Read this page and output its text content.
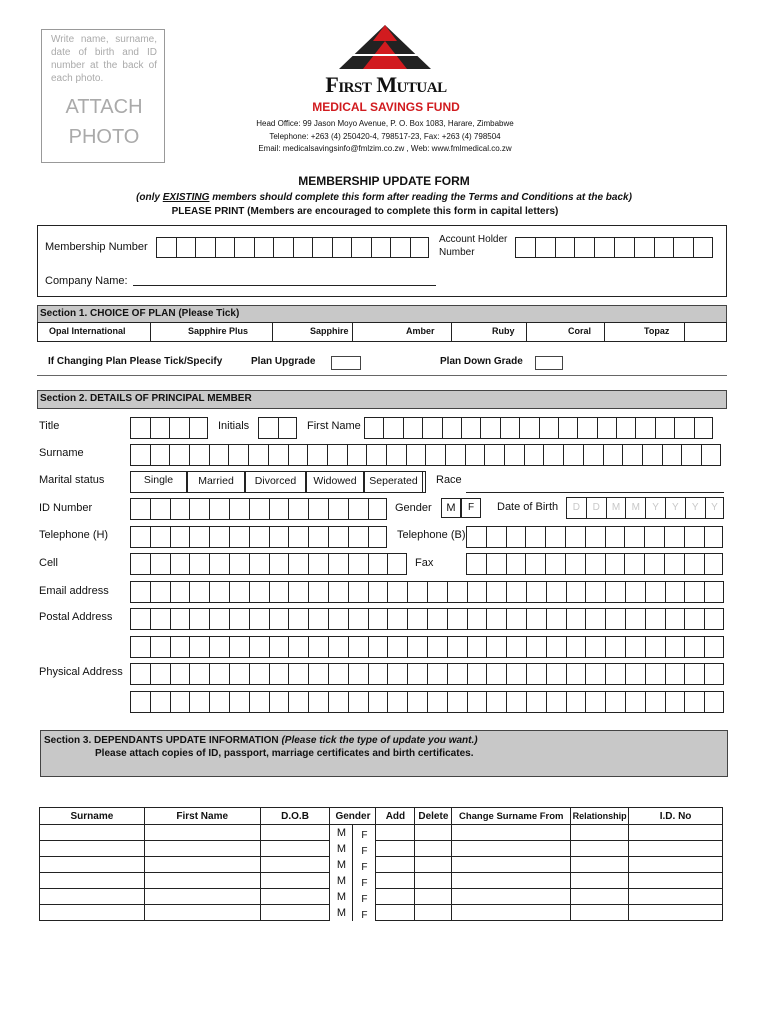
Write name, surname, date of birth and ID number at the back of each photo.
ATTACH
PHOTO
First Mutual
MEDICAL SAVINGS FUND
Head Office: 99 Jason Moyo Avenue, P. O. Box 1083, Harare, Zimbabwe
Telephone: +263 (4) 250420-4, 798517-23, Fax: +263 (4) 798504
Email: medicalsavingsinfo@fmlzim.co.zw , Web: www.fmlmedical.co.zw
MEMBERSHIP UPDATE FORM
(only EXISTING members should complete this form after reading the Terms and Conditions at the back)
PLEASE PRINT (Members are encouraged to complete this form in capital letters)
Membership Number
Account Holder
Number
Company Name:
Section 1. CHOICE OF PLAN (Please Tick)
Opal International	Sapphire Plus	Sapphire	Amber	Ruby	Coral	Topaz
If Changing Plan Please Tick/Specify	Plan Upgrade	Plan Down Grade
Section 2. DETAILS OF PRINCIPAL MEMBER
Title	Initials	First Name
Surname
Marital status	Single	Married	Divorced	Widowed	Seperated	Race
ID Number	Gender	M	F	Date of Birth	D	D	M	M	Y	Y	Y	Y
Telephone (H)	Telephone (B)
Cell	Fax
Email address
Postal Address
Physical Address
Section 3. DEPENDANTS UPDATE INFORMATION (Please tick the type of update you want.)
Please attach copies of ID, passport, marriage certificates and birth certificates.
Surname	First Name	D.O.B	Gender		Add	Delete	Change Surname From	Relationship	I.D. No
			M	F					
			M	F					
			M	F					
			M	F					
			M	F					
			M	F					
